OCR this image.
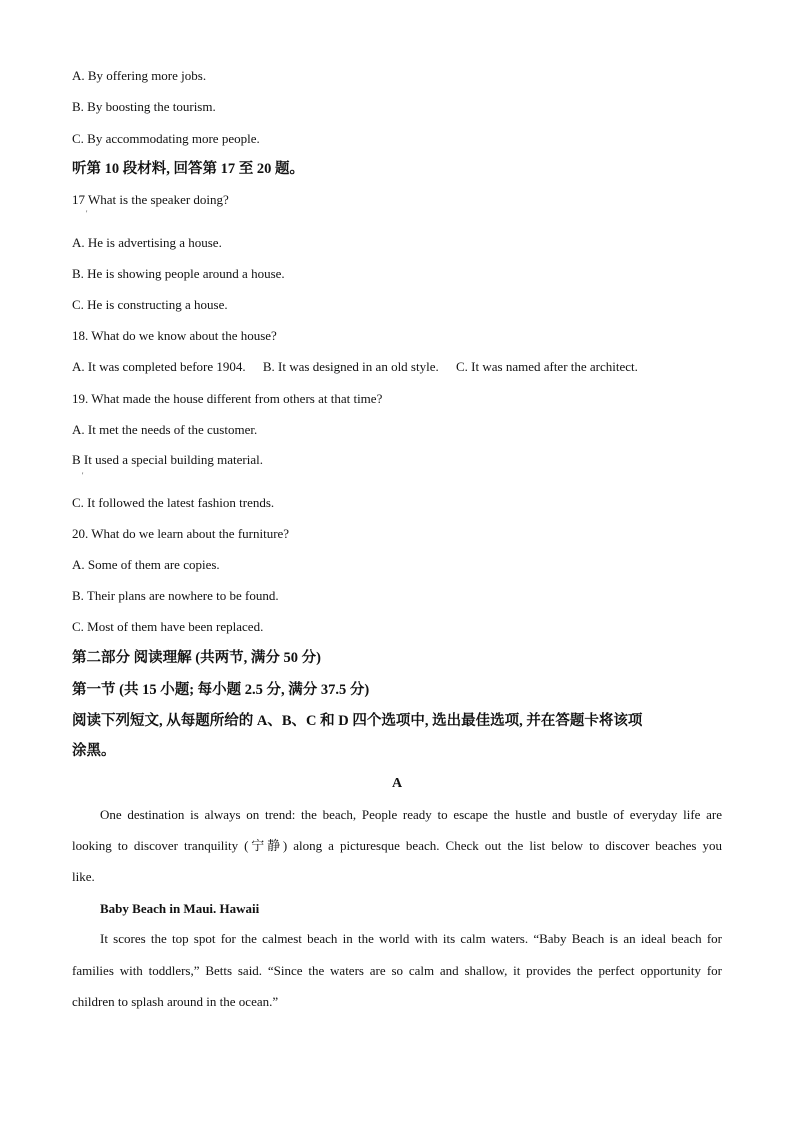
A. By offering more jobs.
B. By boosting the tourism.
C. By accommodating more people.
听第 10 段材料, 回答第 17 至 20 题。
17 What is the speaker doing?
'
A. He is advertising a house.
B. He is showing people around a house.
C. He is constructing a house.
18. What do we know about the house?
A. It was completed before 1904. B. It was designed in an old style. C. It was named after the architect.
19. What made the house different from others at that time?
A. It met the needs of the customer.
B It used a special building material.
'
C. It followed the latest fashion trends.
20. What do we learn about the furniture?
A. Some of them are copies.
B. Their plans are nowhere to be found.
C. Most of them have been replaced.
第二部分 阅读理解 (共两节, 满分 50 分)
第一节 (共 15 小题; 每小题 2.5 分, 满分 37.5 分)
阅读下列短文, 从每题所给的 A、B、C 和 D 四个选项中, 选出最佳选项, 并在答题卡将该项
涂黑。
A
One destination is always on trend: the beach, People ready to escape the hustle and bustle of everyday life are
looking to discover tranquility (宁静) along a picturesque beach. Check out the list below to discover beaches you
like.
Baby Beach in Maui. Hawaii
It scores the top spot for the calmest beach in the world with its calm waters. “Baby Beach is an ideal beach for
families with toddlers,” Betts said. “Since the waters are so calm and shallow, it provides the perfect opportunity for
children to splash around in the ocean.”
